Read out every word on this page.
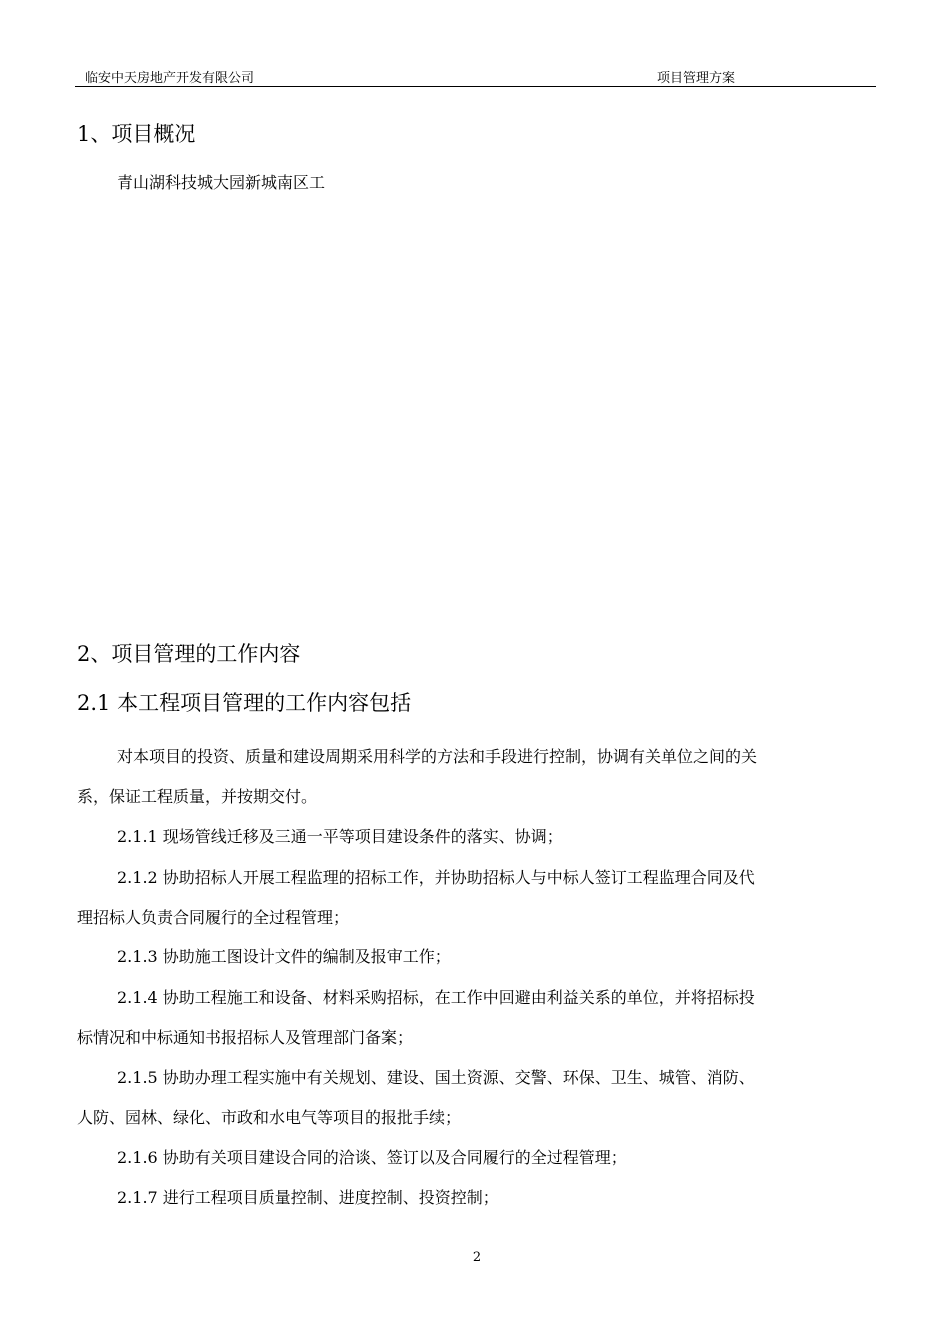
临安中天房地产开发有限公司	项目管理方案
1、项目概况
青山湖科技城大园新城南区工
2、项目管理的工作内容
2.1 本工程项目管理的工作内容包括
对本项目的投资、质量和建设周期采用科学的方法和手段进行控制，协调有关单位之间的关
系，保证工程质量，并按期交付。
2.1.1 现场管线迁移及三通一平等项目建设条件的落实、协调；
2.1.2 协助招标人开展工程监理的招标工作，并协助招标人与中标人签订工程监理合同及代
理招标人负责合同履行的全过程管理；
2.1.3 协助施工图设计文件的编制及报审工作；
2.1.4 协助工程施工和设备、材料采购招标，在工作中回避由利益关系的单位，并将招标投
标情况和中标通知书报招标人及管理部门备案；
2.1.5 协助办理工程实施中有关规划、建设、国土资源、交警、环保、卫生、城管、消防、
人防、园林、绿化、市政和水电气等项目的报批手续；
2.1.6 协助有关项目建设合同的洽谈、签订以及合同履行的全过程管理；
2.1.7 进行工程项目质量控制、进度控制、投资控制；
2
